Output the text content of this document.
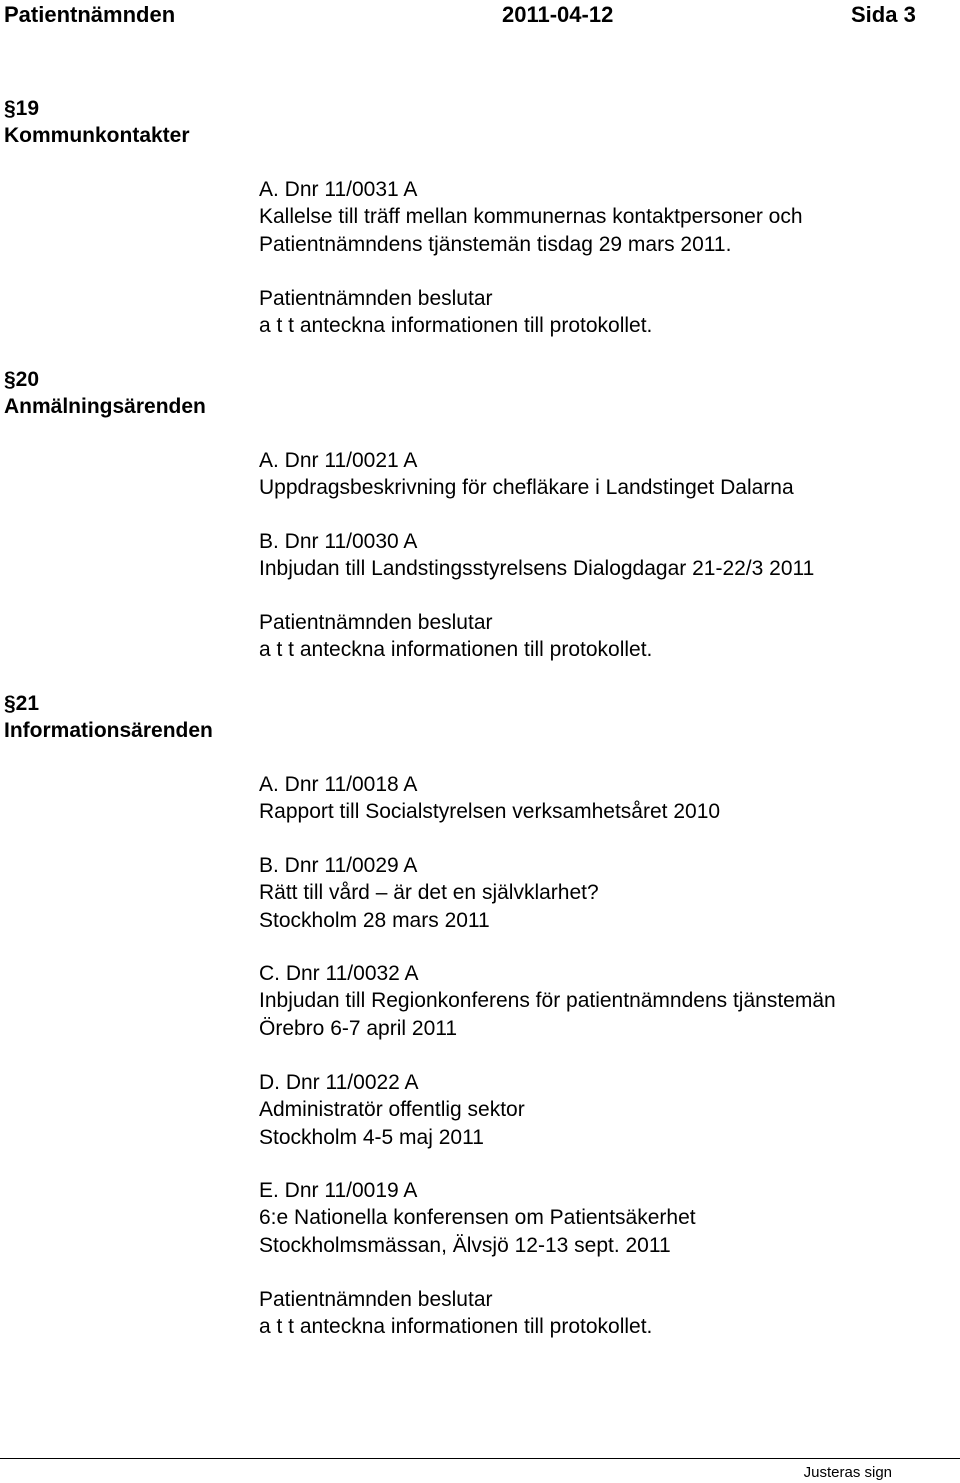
Patientnämnden	2011-04-12	Sida 3
§19
Kommunkontakter
A. Dnr 11/0031 A
Kallelse till träff mellan kommunernas kontaktpersoner och
Patientnämndens tjänstemän tisdag 29 mars 2011.
Patientnämnden beslutar
a t t anteckna informationen till protokollet.
§20
Anmälningsärenden
A. Dnr 11/0021 A
Uppdragsbeskrivning för chefläkare i Landstinget Dalarna
B. Dnr 11/0030 A
Inbjudan till Landstingsstyrelsens Dialogdagar 21-22/3 2011
Patientnämnden beslutar
a t t anteckna informationen till protokollet.
§21
Informationsärenden
A. Dnr 11/0018 A
Rapport till Socialstyrelsen verksamhetsåret 2010
B. Dnr 11/0029 A
Rätt till vård – är det en självklarhet?
Stockholm 28 mars 2011
C. Dnr 11/0032 A
Inbjudan till Regionkonferens för patientnämndens tjänstemän
Örebro 6-7 april 2011
D. Dnr 11/0022 A
Administratör offentlig sektor
Stockholm 4-5 maj 2011
E. Dnr 11/0019 A
6:e Nationella konferensen om Patientsäkerhet
Stockholmsmässan, Älvsjö 12-13 sept. 2011
Patientnämnden beslutar
a t t anteckna informationen till protokollet.
Justeras sign
